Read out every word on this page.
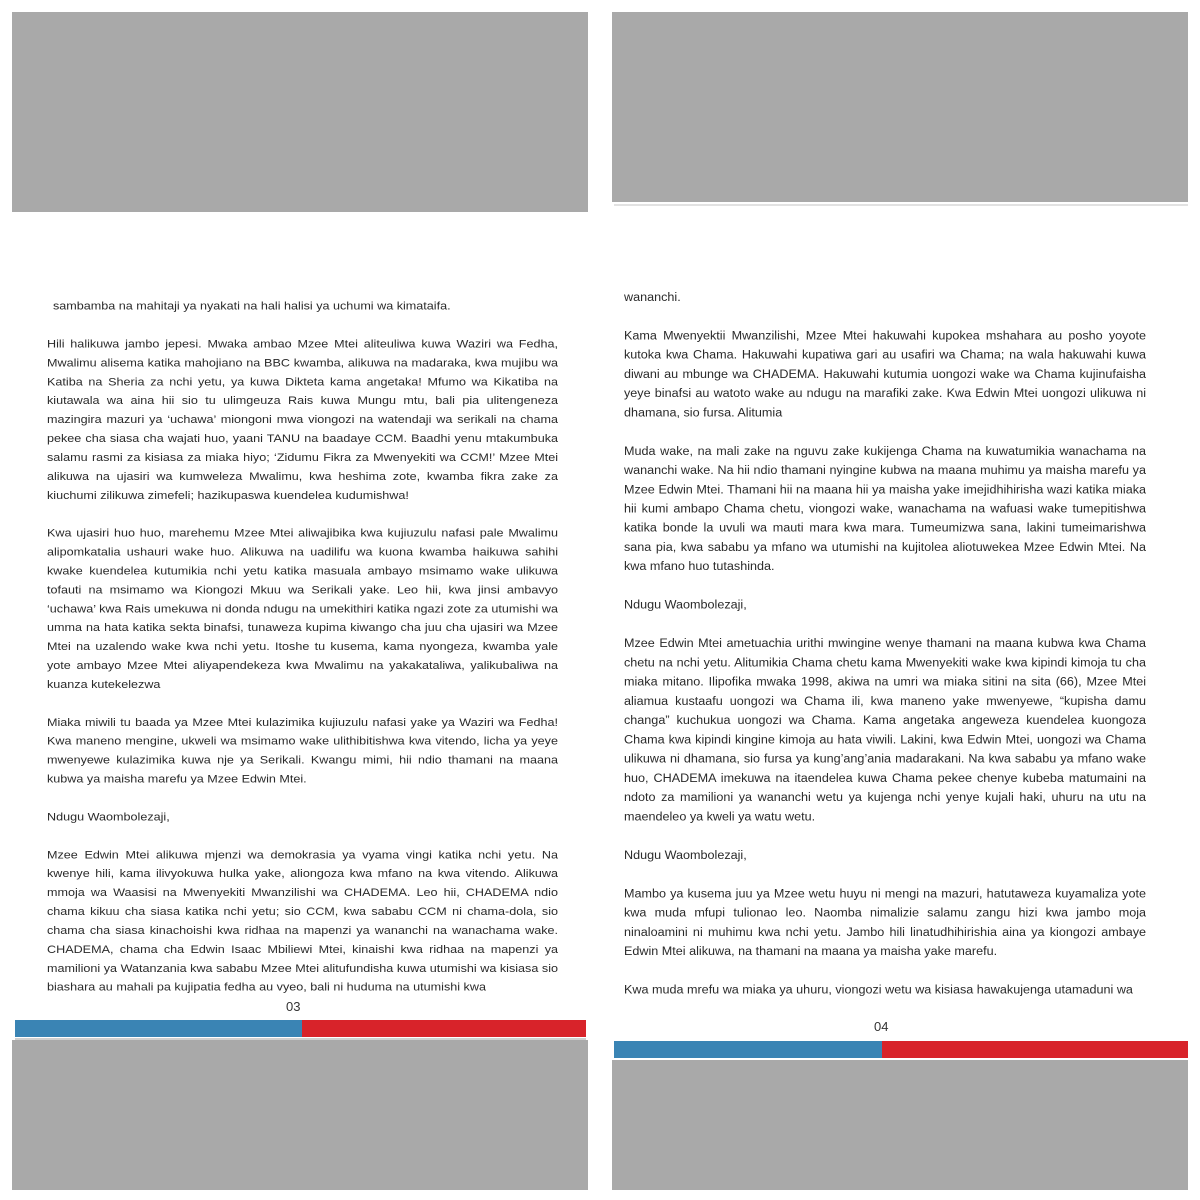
sambamba na mahitaji ya nyakati na hali halisi ya uchumi wa kimataifa.

Hili halikuwa jambo jepesi. Mwaka ambao Mzee Mtei aliteuliwa kuwa Waziri wa Fedha, Mwalimu alisema katika mahojiano na BBC kwamba, alikuwa na madaraka, kwa mujibu wa Katiba na Sheria za nchi yetu, ya kuwa Dikteta kama angetaka! Mfumo wa Kikatiba na kiutawala wa aina hii sio tu ulimgeuza Rais kuwa Mungu mtu, bali pia ulitengeneza mazingira mazuri ya ‘uchawa’ miongoni mwa viongozi na watendaji wa serikali na chama pekee cha siasa cha wajati huo, yaani TANU na baadaye CCM. Baadhi yenu mtakumbuka salamu rasmi za kisiasa za miaka hiyo; ‘Zidumu Fikra za Mwenyekiti wa CCM!’ Mzee Mtei alikuwa na ujasiri wa kumweleza Mwalimu, kwa heshima zote, kwamba fikra zake za kiuchumi zilikuwa zimefeli; hazikupaswa kuendelea kudumishwa!

Kwa ujasiri huo huo, marehemu Mzee Mtei aliwajibika kwa kujiuzulu nafasi pale Mwalimu alipomkatalia ushauri wake huo. Alikuwa na uadilifu wa kuona kwamba haikuwa sahihi kwake kuendelea kutumikia nchi yetu katika masuala ambayo msimamo wake ulikuwa tofauti na msimamo wa Kiongozi Mkuu wa Serikali yake. Leo hii, kwa jinsi ambavyo ‘uchawa’ kwa Rais umekuwa ni donda ndugu na umekithiri katika ngazi zote za utumishi wa umma na hata katika sekta binafsi, tunaweza kupima kiwango cha juu cha ujasiri wa Mzee Mtei na uzalendo wake kwa nchi yetu. Itoshe tu kusema, kama nyongeza, kwamba yale yote ambayo Mzee Mtei aliyapendekeza kwa Mwalimu na yakakataliwa, yalikubaliwa na kuanza kutekelezwa

Miaka miwili tu baada ya Mzee Mtei kulazimika kujiuzulu nafasi yake ya Waziri wa Fedha! Kwa maneno mengine, ukweli wa msimamo wake ulithibitishwa kwa vitendo, licha ya yeye mwenyewe kulazimika kuwa nje ya Serikali. Kwangu mimi, hii ndio thamani na maana kubwa ya maisha marefu ya Mzee Edwin Mtei.

Ndugu Waombolezaji,

Mzee Edwin Mtei alikuwa mjenzi wa demokrasia ya vyama vingi katika nchi yetu. Na kwenye hili, kama ilivyokuwa hulka yake, aliongoza kwa mfano na kwa vitendo. Alikuwa mmoja wa Waasisi na Mwenyekiti Mwanzilishi wa CHADEMA. Leo hii, CHADEMA ndio chama kikuu cha siasa katika nchi yetu; sio CCM, kwa sababu CCM ni chama-dola, sio chama cha siasa kinachoishi kwa ridhaa na mapenzi ya wananchi na wanachama wake. CHADEMA, chama cha Edwin Isaac Mbiliewi Mtei, kinaishi kwa ridhaa na mapenzi ya mamilioni ya Watanzania kwa sababu Mzee Mtei alitufundisha kuwa utumishi wa kisiasa sio biashara au mahali pa kujipatia fedha au vyeo, bali ni huduma na utumishi kwa

03

wananchi.

Kama Mwenyektii Mwanzilishi, Mzee Mtei hakuwahi kupokea mshahara au posho yoyote kutoka kwa Chama. Hakuwahi kupatiwa gari au usafiri wa Chama; na wala hakuwahi kuwa diwani au mbunge wa CHADEMA. Hakuwahi kutumia uongozi wake wa Chama kujinufaisha yeye binafsi au watoto wake au ndugu na marafiki zake. Kwa Edwin Mtei uongozi ulikuwa ni dhamana, sio fursa. Alitumia

Muda wake, na mali zake na nguvu zake kukijenga Chama na kuwatumikia wanachama na wananchi wake. Na hii ndio thamani nyingine kubwa na maana muhimu ya maisha marefu ya Mzee Edwin Mtei. Thamani hii na maana hii ya maisha yake imejidhihirisha wazi katika miaka hii kumi ambapo Chama chetu, viongozi wake, wanachama na wafuasi wake tumepitishwa katika bonde la uvuli wa mauti mara kwa mara. Tumeumizwa sana, lakini tumeimarishwa sana pia, kwa sababu ya mfano wa utumishi na kujitolea aliotuwekea Mzee Edwin Mtei. Na kwa mfano huo tutashinda.

Ndugu Waombolezaji,

Mzee Edwin Mtei ametuachia urithi mwingine wenye thamani na maana kubwa kwa Chama chetu na nchi yetu. Alitumikia Chama chetu kama Mwenyekiti wake kwa kipindi kimoja tu cha miaka mitano. Ilipofika mwaka 1998, akiwa na umri wa miaka sitini na sita (66), Mzee Mtei aliamua kustaafu uongozi wa Chama ili, kwa maneno yake mwenyewe, “kupisha damu changa” kuchukua uongozi wa Chama. Kama angetaka angeweza kuendelea kuongoza Chama kwa kipindi kingine kimoja au hata viwili. Lakini, kwa Edwin Mtei, uongozi wa Chama ulikuwa ni dhamana, sio fursa ya kung’ang’ania madarakani. Na kwa sababu ya mfano wake huo, CHADEMA imekuwa na itaendelea kuwa Chama pekee chenye kubeba matumaini na ndoto za mamilioni ya wananchi wetu ya kujenga nchi yenye kujali haki, uhuru na utu na maendeleo ya kweli ya watu wetu.

Ndugu Waombolezaji,

Mambo ya kusema juu ya Mzee wetu huyu ni mengi na mazuri, hatutaweza kuyamaliza yote kwa muda mfupi tulionao leo. Naomba nimalizie salamu zangu hizi kwa jambo moja ninaloamini ni muhimu kwa nchi yetu. Jambo hili linatudhihirishia aina ya kiongozi ambaye Edwin Mtei alikuwa, na thamani na maana ya maisha yake marefu.

Kwa muda mrefu wa miaka ya uhuru, viongozi wetu wa kisiasa hawakujenga utamaduni wa

04
